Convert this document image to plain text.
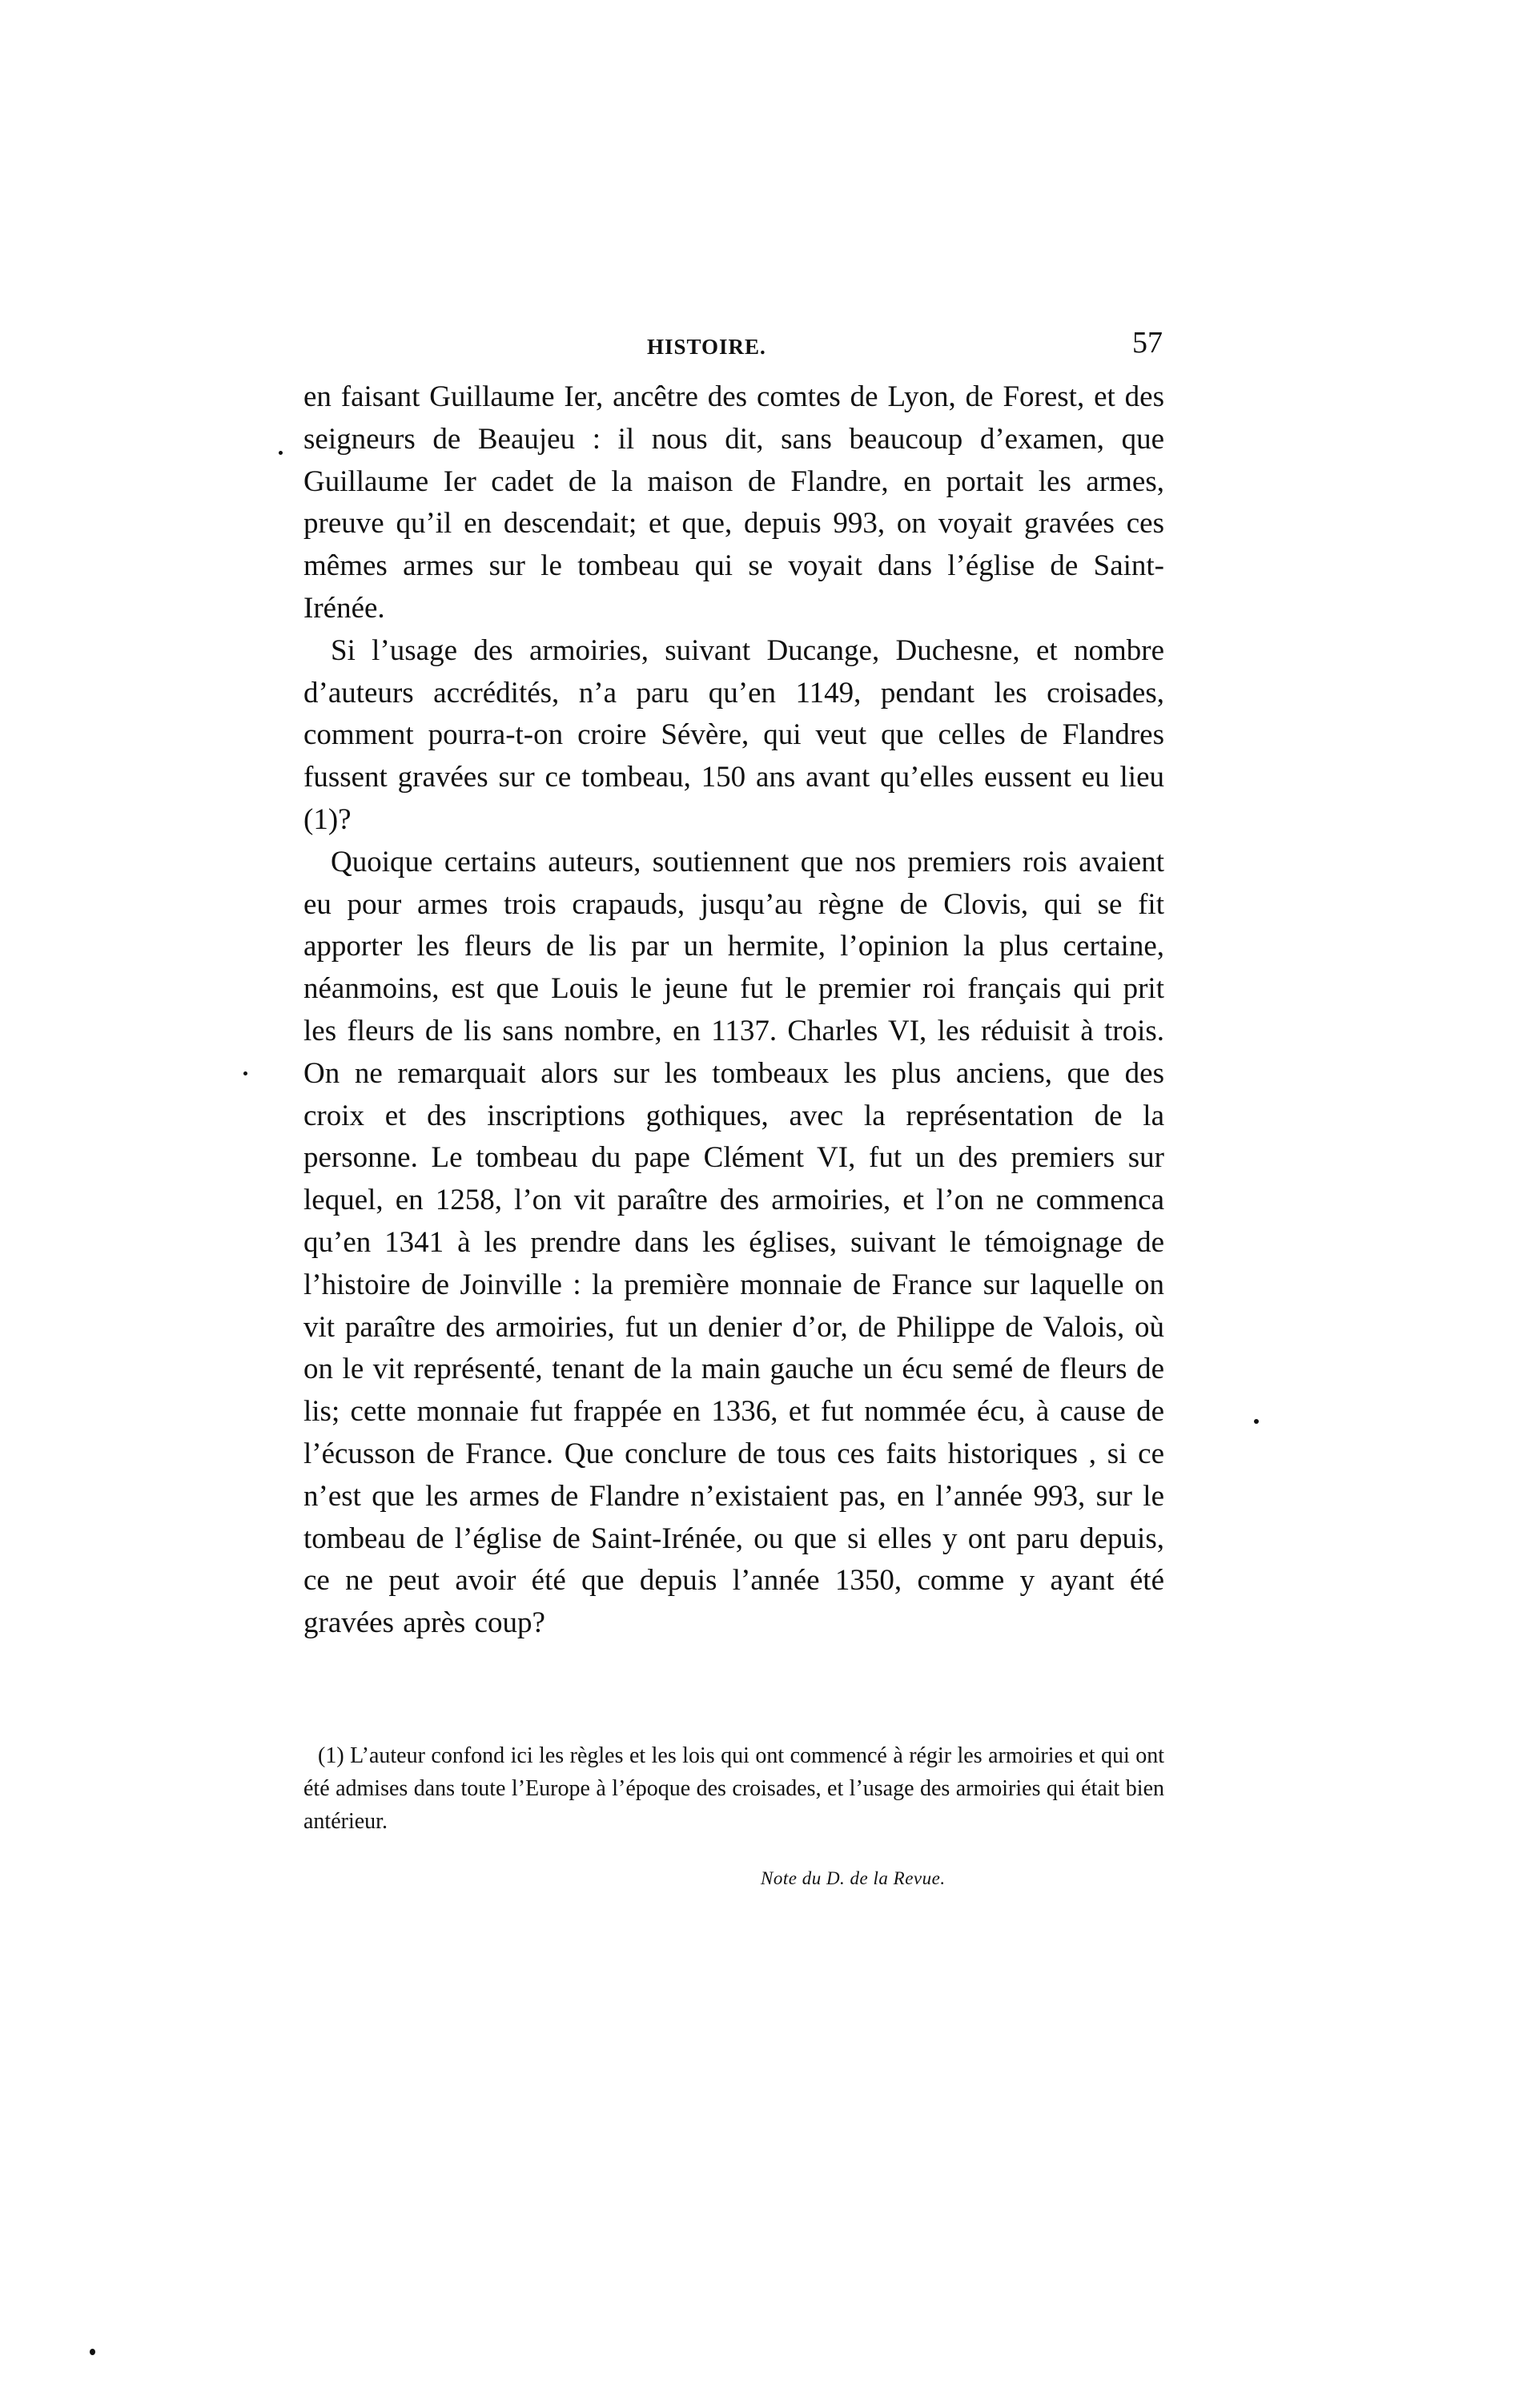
HISTOIRE.	57

en faisant Guillaume Ier, ancêtre des comtes de Lyon, de Forest, et des seigneurs de Beaujeu : il nous dit, sans beaucoup d’examen, que Guillaume Ier cadet de la maison de Flandre, en portait les armes, preuve qu’il en descendait; et que, depuis 993, on voyait gravées ces mêmes armes sur le tombeau qui se voyait dans l’église de Saint-Irénée.

Si l’usage des armoiries, suivant Ducange, Duchesne, et nombre d’auteurs accrédités, n’a paru qu’en 1149, pendant les croisades, comment pourra-t-on croire Sévère, qui veut que celles de Flandres fussent gravées sur ce tombeau, 150 ans avant qu’elles eussent eu lieu (1)?

Quoique certains auteurs, soutiennent que nos premiers rois avaient eu pour armes trois crapauds, jusqu’au règne de Clovis, qui se fit apporter les fleurs de lis par un hermite, l’opinion la plus certaine, néanmoins, est que Louis le jeune fut le premier roi français qui prit les fleurs de lis sans nombre, en 1137. Charles VI, les réduisit à trois. On ne remarquait alors sur les tombeaux les plus anciens, que des croix et des inscriptions gothiques, avec la représentation de la personne. Le tombeau du pape Clément VI, fut un des premiers sur lequel, en 1258, l’on vit paraître des armoiries, et l’on ne commenca qu’en 1341 à les prendre dans les églises, suivant le témoignage de l’histoire de Joinville : la première monnaie de France sur laquelle on vit paraître des armoiries, fut un denier d’or, de Philippe de Valois, où on le vit représenté, tenant de la main gauche un écu semé de fleurs de lis; cette monnaie fut frappée en 1336, et fut nommée écu, à cause de l’écusson de France. Que conclure de tous ces faits historiques , si ce n’est que les armes de Flandre n’existaient pas, en l’année 993, sur le tombeau de l’église de Saint-Irénée, ou que si elles y ont paru depuis, ce ne peut avoir été que depuis l’année 1350, comme y ayant été gravées après coup?

(1) L’auteur confond ici les règles et les lois qui ont commencé à régir les armoiries et qui ont été admises dans toute l’Europe à l’époque des croisades, et l’usage des armoiries qui était bien antérieur.

Note du D. de la Revue.
